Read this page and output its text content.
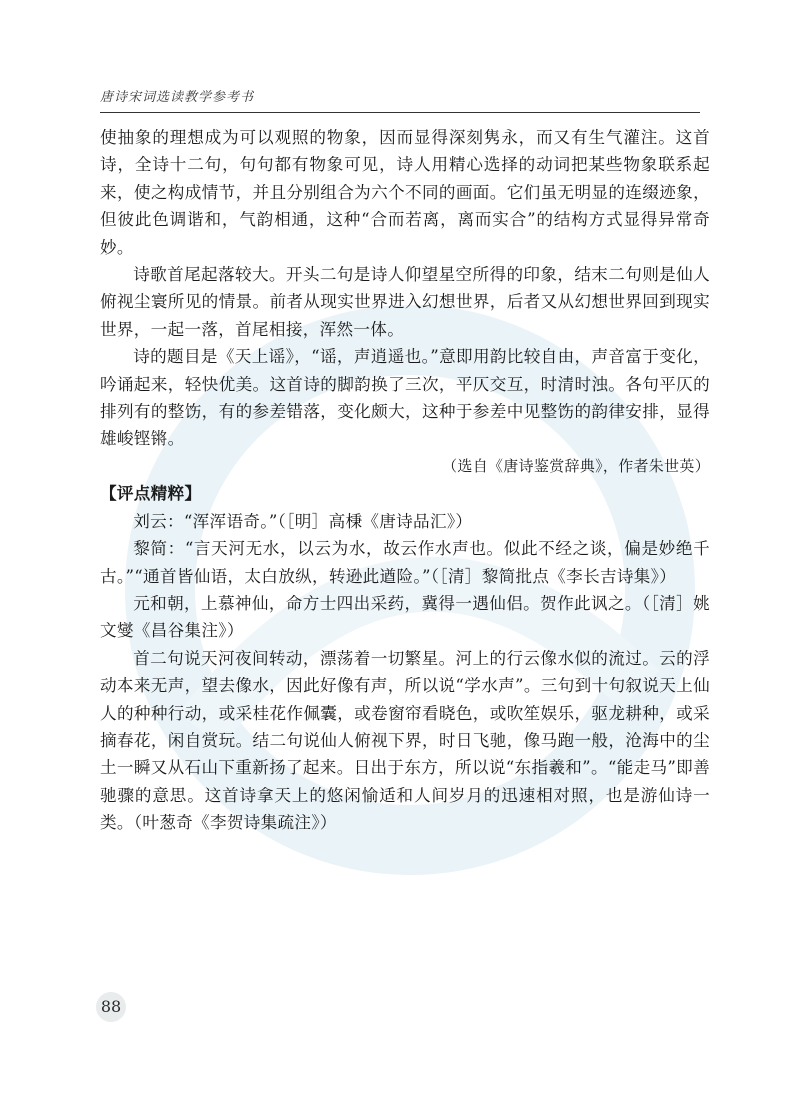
唐诗宋词选读教学参考书

使抽象的理想成为可以观照的物象，因而显得深刻隽永，而又有生气灌注。这首诗，全诗十二句，句句都有物象可见，诗人用精心选择的动词把某些物象联系起来，使之构成情节，并且分别组合为六个不同的画面。它们虽无明显的连缀迹象，但彼此色调谐和，气韵相通，这种“合而若离，离而实合”的结构方式显得异常奇妙。

诗歌首尾起落较大。开头二句是诗人仰望星空所得的印象，结末二句则是仙人俯视尘寰所见的情景。前者从现实世界进入幻想世界，后者又从幻想世界回到现实世界，一起一落，首尾相接，浑然一体。

诗的题目是《天上谣》，“谣，声逍遥也。”意即用韵比较自由，声音富于变化，吟诵起来，轻快优美。这首诗的脚韵换了三次，平仄交互，时清时浊。各句平仄的排列有的整饬，有的参差错落，变化颇大，这种于参差中见整饬的韵律安排，显得雄峻铿锵。

（选自《唐诗鉴赏辞典》，作者朱世英）

【评点精粹】

刘云：“浑浑语奇。”（［明］高棅《唐诗品汇》）

黎简：“言天河无水，以云为水，故云作水声也。似此不经之谈，偏是妙绝千古。”“通首皆仙语，太白放纵，转逊此遒险。”（［清］黎简批点《李长吉诗集》）

元和朝，上慕神仙，命方士四出采药，冀得一遇仙侣。贺作此讽之。（［清］姚文燮《昌谷集注》）

首二句说天河夜间转动，漂荡着一切繁星。河上的行云像水似的流过。云的浮动本来无声，望去像水，因此好像有声，所以说“学水声”。三句到十句叙说天上仙人的种种行动，或采桂花作佩囊，或卷窗帘看晓色，或吹笙娱乐，驱龙耕种，或采摘春花，闲自赏玩。结二句说仙人俯视下界，时日飞驰，像马跑一般，沧海中的尘土一瞬又从石山下重新扬了起来。日出于东方，所以说“东指羲和”。“能走马”即善驰骤的意思。这首诗拿天上的悠闲愉适和人间岁月的迅速相对照，也是游仙诗一类。（叶葱奇《李贺诗集疏注》）

88
